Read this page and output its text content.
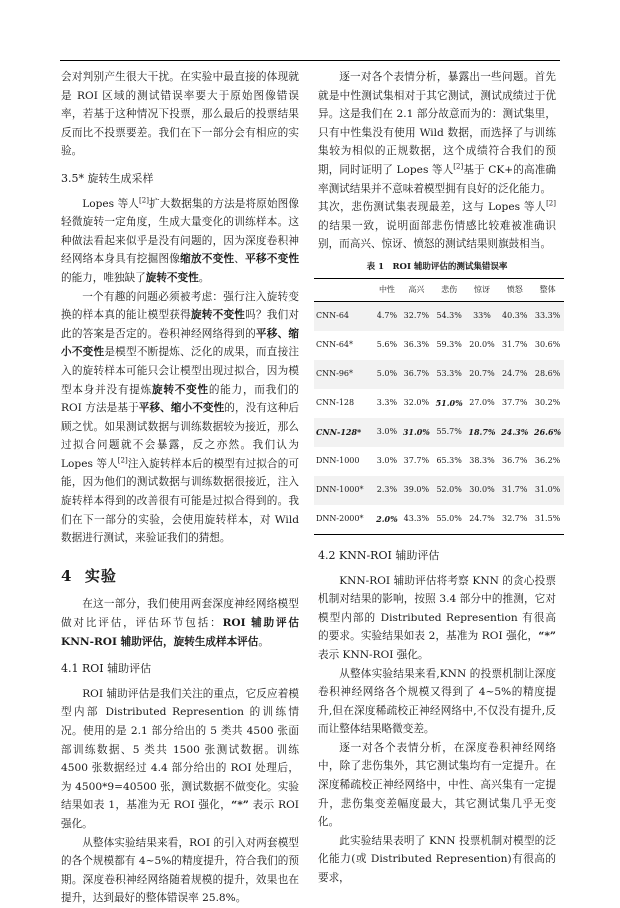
会对判别产生很大干扰。在实验中最直接的体现就是 ROI 区域的测试错误率要大于原始图像错误率，若基于这种情况下投票，那么最后的投票结果反而比不投票要差。我们在下一部分会有相应的实验。

3.5* 旋转生成采样

Lopes 等人[2]扩大数据集的方法是将原始图像轻微旋转一定角度，生成大量变化的训练样本。这种做法看起来似乎是没有问题的，因为深度卷积神经网络本身具有挖掘图像缩放不变性、平移不变性的能力，唯独缺了旋转不变性。

一个有趣的问题必须被考虑：强行注入旋转变换的样本真的能让模型获得旋转不变性吗？我们对此的答案是否定的。卷积神经网络得到的平移、缩小不变性是模型不断提炼、泛化的成果，而直接注入的旋转样本可能只会让模型出现过拟合，因为模型本身并没有提炼旋转不变性的能力，而我们的 ROI 方法是基于平移、缩小不变性的，没有这种后顾之忧。如果测试数据与训练数据较为接近，那么过拟合问题就不会暴露，反之亦然。我们认为 Lopes 等人[2]注入旋转样本后的模型有过拟合的可能，因为他们的测试数据与训练数据很接近，注入旋转样本得到的改善很有可能是过拟合得到的。我们在下一部分的实验，会使用旋转样本，对 Wild 数据进行测试，来验证我们的猜想。

4 实验

在这一部分，我们使用两套深度神经网络模型做对比评估，评估环节包括：ROI 辅助评估 KNN-ROI 辅助评估，旋转生成样本评估。

4.1 ROI 辅助评估

ROI 辅助评估是我们关注的重点，它反应着模型内部 Distributed Represention 的训练情况。使用的是 2.1 部分给出的 5 类共 4500 张面部训练数据、5 类共 1500 张测试数据。训练 4500 张数据经过 4.4 部分给出的 ROI 处理后，为 4500*9=40500 张，测试数据不做变化。实验结果如表 1，基准为无 ROI 强化，“*” 表示 ROI 强化。

从整体实验结果来看，ROI 的引入对两套模型的各个规模都有 4~5%的精度提升，符合我们的预期。深度卷积神经网络随着规模的提升，效果也在提升，达到最好的整体错误率 25.8%。

逐一对各个表情分析，暴露出一些问题。首先就是中性测试集相对于其它测试，测试成绩过于优异。这是我们在 2.1 部分故意而为的：测试集里，只有中性集没有使用 Wild 数据，而选择了与训练集较为相似的正规数据，这个成绩符合我们的预期，同时证明了 Lopes 等人[2]基于 CK+的高准确率测试结果并不意味着模型拥有良好的泛化能力。

其次，悲伤测试集表现最差，这与 Lopes 等人[2]的结果一致，说明面部悲伤情感比较难被准确识别，而高兴、惊讶、愤怒的测试结果则旗鼓相当。

表 1　ROI 辅助评估的测试集错误率
	中性	高兴	悲伤	惊讶	愤怒	整体
CNN-64	4.7%	32.7%	54.3%	33%	40.3%	33.3%
CNN-64*	5.6%	36.3%	59.3%	20.0%	31.7%	30.6%
CNN-96*	5.0%	36.7%	53.3%	20.7%	24.7%	28.6%
CNN-128	3.3%	32.0%	51.0%	27.0%	37.7%	30.2%
CNN-128*	3.0%	31.0%	55.7%	18.7%	24.3%	26.6%
DNN-1000	3.0%	37.7%	65.3%	38.3%	36.7%	36.2%
DNN-1000*	2.3%	39.0%	52.0%	30.0%	31.7%	31.0%
DNN-2000*	2.0%	43.3%	55.0%	24.7%	32.7%	31.5%
4.2 KNN-ROI 辅助评估

KNN-ROI 辅助评估将考察 KNN 的贪心投票机制对结果的影响，按照 3.4 部分中的推测，它对模型内部的 Distributed Represention 有很高的要求。实验结果如表 2，基准为 ROI 强化，“*” 表示 KNN-ROI 强化。

从整体实验结果来看,KNN 的投票机制让深度卷积神经网络各个规模又得到了 4~5%的精度提升,但在深度稀疏校正神经网络中,不仅没有提升,反而让整体结果略微变差。

逐一对各个表情分析，在深度卷积神经网络中，除了悲伤集外，其它测试集均有一定提升。在深度稀疏校正神经网络中，中性、高兴集有一定提升，悲伤集变差幅度最大，其它测试集几乎无变化。

此实验结果表明了 KNN 投票机制对模型的泛化能力(或 Distributed Represention)有很高的要求，
